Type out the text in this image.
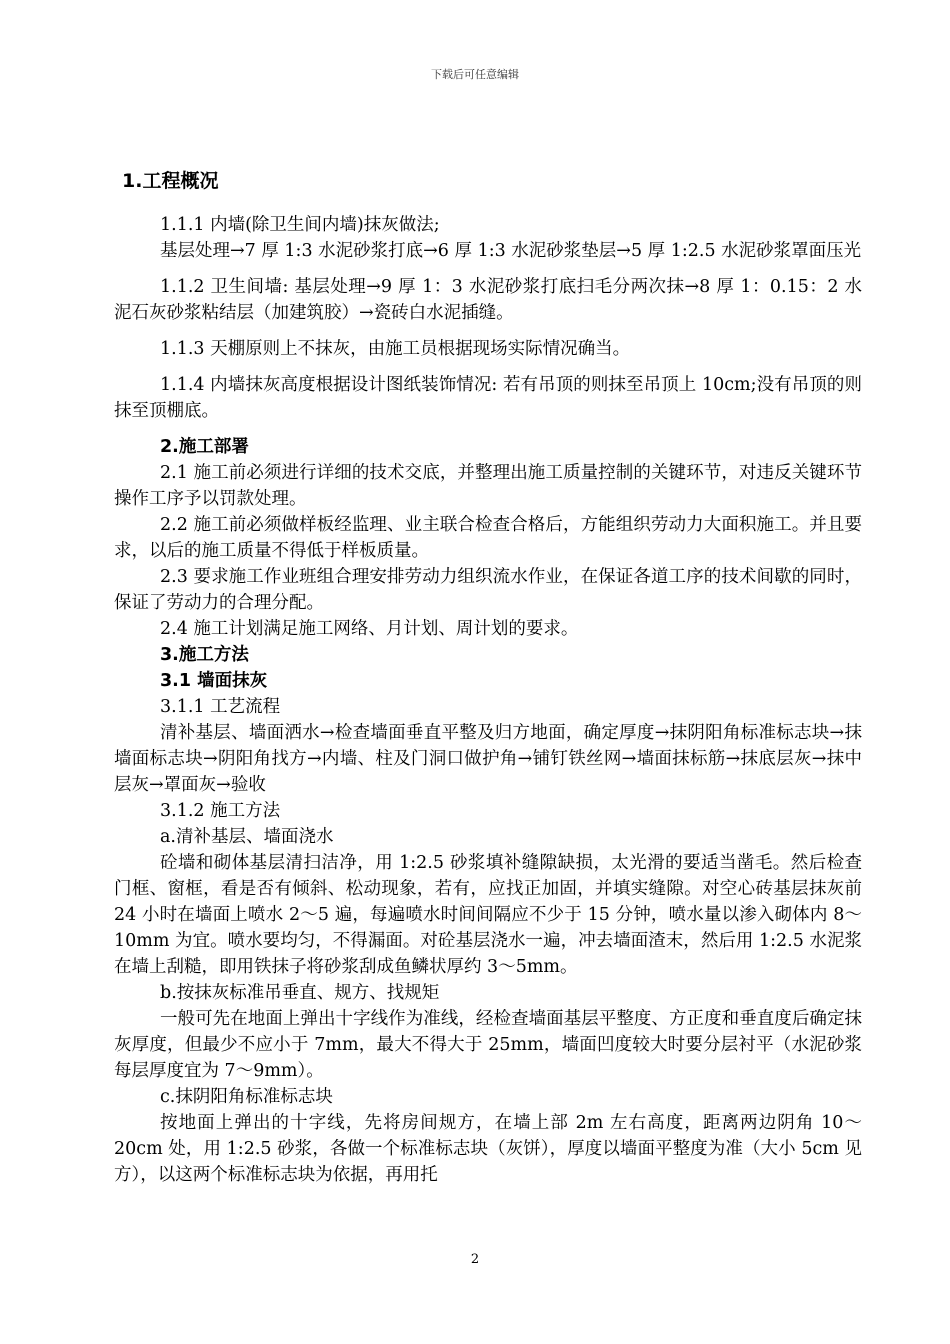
下载后可任意编辑

1.工程概况

1.1.1 内墙(除卫生间内墙)抹灰做法;

基层处理→7 厚 1:3 水泥砂浆打底→6 厚 1:3 水泥砂浆垫层→5 厚 1:2.5 水泥砂浆罩面压光

1.1.2 卫生间墙: 基层处理→9 厚 1：3 水泥砂浆打底扫毛分两次抹→8 厚 1：0.15：2 水泥石灰砂浆粘结层（加建筑胶）→瓷砖白水泥插缝。

1.1.3 天棚原则上不抹灰，由施工员根据现场实际情况确当。

1.1.4 内墙抹灰高度根据设计图纸装饰情况: 若有吊顶的则抹至吊顶上 10cm;没有吊顶的则抹至顶棚底。

2.施工部署

2.1 施工前必须进行详细的技术交底，并整理出施工质量控制的关键环节，对违反关键环节操作工序予以罚款处理。

2.2 施工前必须做样板经监理、业主联合检查合格后，方能组织劳动力大面积施工。并且要求，以后的施工质量不得低于样板质量。

2.3 要求施工作业班组合理安排劳动力组织流水作业，在保证各道工序的技术间歇的同时，保证了劳动力的合理分配。

2.4 施工计划满足施工网络、月计划、周计划的要求。

3.施工方法

3.1 墙面抹灰

3.1.1 工艺流程

清补基层、墙面洒水→检查墙面垂直平整及归方地面，确定厚度→抹阴阳角标准标志块→抹墙面标志块→阴阳角找方→内墙、柱及门洞口做护角→铺钉铁丝网→墙面抹标筋→抹底层灰→抹中层灰→罩面灰→验收

3.1.2 施工方法

a.清补基层、墙面浇水

砼墙和砌体基层清扫洁净，用 1:2.5 砂浆填补缝隙缺损，太光滑的要适当凿毛。然后检查门框、窗框，看是否有倾斜、松动现象，若有，应找正加固，并填实缝隙。对空心砖基层抹灰前 24 小时在墙面上喷水 2～5 遍，每遍喷水时间间隔应不少于 15 分钟，喷水量以渗入砌体内 8～10mm 为宜。喷水要均匀，不得漏面。对砼基层浇水一遍，冲去墙面渣末，然后用 1:2.5 水泥浆在墙上刮糙，即用铁抹子将砂浆刮成鱼鳞状厚约 3～5mm。

b.按抹灰标准吊垂直、规方、找规矩

一般可先在地面上弹出十字线作为准线，经检查墙面基层平整度、方正度和垂直度后确定抹灰厚度，但最少不应小于 7mm，最大不得大于 25mm，墙面凹度较大时要分层衬平（水泥砂浆每层厚度宜为 7～9mm）。

c.抹阴阳角标准标志块

按地面上弹出的十字线，先将房间规方，在墙上部 2m 左右高度，距离两边阴角 10～20cm 处，用 1:2.5 砂浆，各做一个标准标志块（灰饼），厚度以墙面平整度为准（大小 5cm 见方），以这两个标准标志块为依据，再用托

2
